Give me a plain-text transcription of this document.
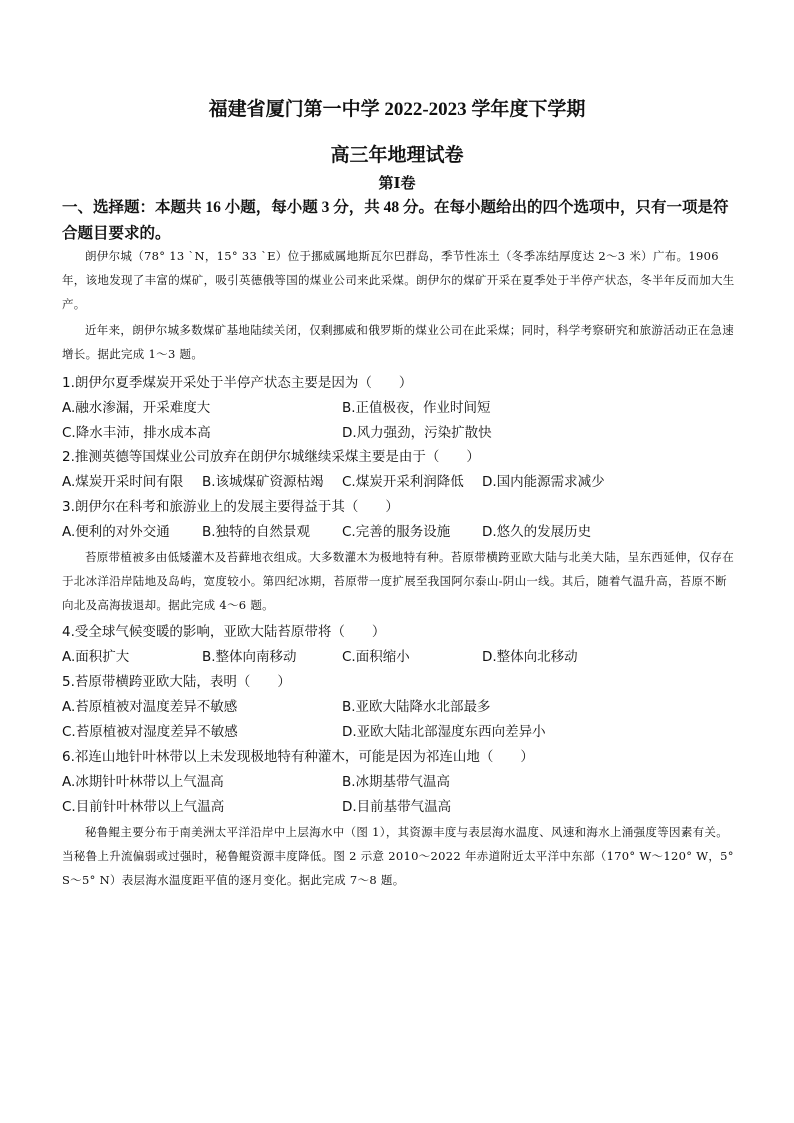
福建省厦门第一中学 2022-2023 学年度下学期
高三年地理试卷
第Ⅰ卷
一、选择题：本题共 16 小题，每小题 3 分，共 48 分。在每小题给出的四个选项中，只有一项是符合题目要求的。
朗伊尔城（78° 13 `N，15° 33 `E）位于挪威属地斯瓦尔巴群岛，季节性冻土（冬季冻结厚度达 2～3 米）广布。1906 年，该地发现了丰富的煤矿，吸引英德俄等国的煤业公司来此采煤。朗伊尔的煤矿开采在夏季处于半停产状态，冬半年反而加大生产。
近年来，朗伊尔城多数煤矿基地陆续关闭，仅剩挪威和俄罗斯的煤业公司在此采煤；同时，科学考察研究和旅游活动正在急速增长。据此完成 1～3 题。
1.朗伊尔夏季煤炭开采处于半停产状态主要是因为（　　）
A.融水渗漏，开采难度大	B.正值极夜，作业时间短
C.降水丰沛，排水成本高	D.风力强劲，污染扩散快
2.推测英德等国煤业公司放弃在朗伊尔城继续采煤主要是由于（　　）
A.煤炭开采时间有限 B.该城煤矿资源枯竭 C.煤炭开采利润降低 D.国内能源需求减少
3.朗伊尔在科考和旅游业上的发展主要得益于其（　　）
A.便利的对外交通 B.独特的自然景观 C.完善的服务设施 D.悠久的发展历史
苔原带植被多由低矮灌木及苔藓地衣组成。大多数灌木为极地特有种。苔原带横跨亚欧大陆与北美大陆，呈东西延伸，仅存在于北冰洋沿岸陆地及岛屿，宽度较小。第四纪冰期，苔原带一度扩展至我国阿尔泰山-阴山一线。其后，随着气温升高，苔原不断向北及高海拔退却。据此完成 4～6 题。
4.受全球气候变暖的影响，亚欧大陆苔原带将（　　）
A.面积扩大	B.整体向南移动	C.面积缩小	D.整体向北移动
5.苔原带横跨亚欧大陆，表明（　　）
A.苔原植被对温度差异不敏感	B.亚欧大陆降水北部最多
C.苔原植被对湿度差异不敏感	D.亚欧大陆北部湿度东西向差异小
6.祁连山地针叶林带以上未发现极地特有种灌木，可能是因为祁连山地（　　）
A.冰期针叶林带以上气温高	B.冰期基带气温高
C.目前针叶林带以上气温高	D.目前基带气温高
秘鲁鲲主要分布于南美洲太平洋沿岸中上层海水中（图 1），其资源丰度与表层海水温度、风速和海水上涌强度等因素有关。当秘鲁上升流偏弱或过强时，秘鲁鲲资源丰度降低。图 2 示意 2010～2022 年赤道附近太平洋中东部（170° W～120° W，5° S～5° N）表层海水温度距平值的逐月变化。据此完成 7～8 题。
